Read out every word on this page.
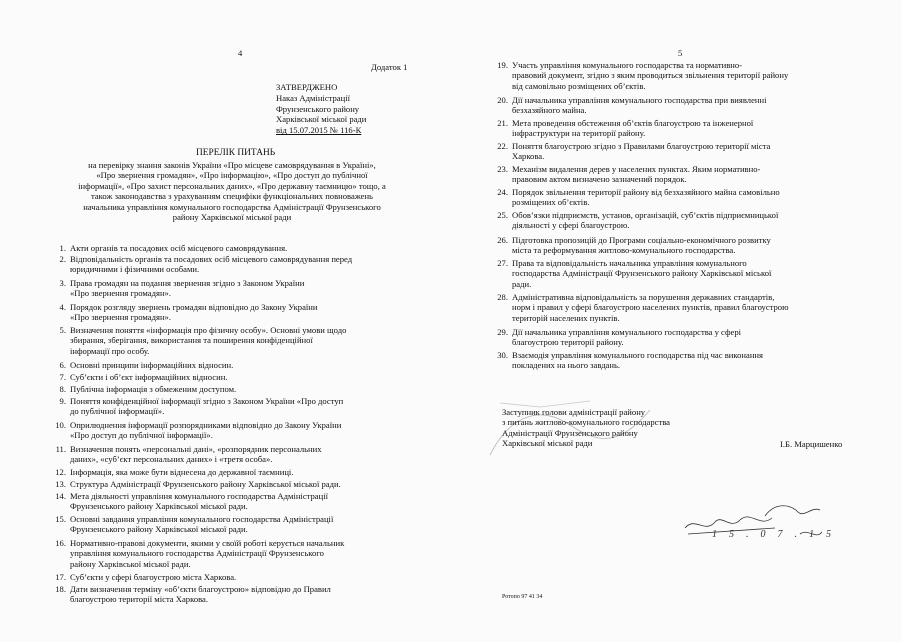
4
Додаток 1
ЗАТВЕРДЖЕНО
Наказ Адміністрації
Фрунзенського району
Харківської міської ради
від 15.07.2015 № 116-К
ПЕРЕЛІК ПИТАНЬ
на перевірку знання законів України «Про місцеве самоврядування в Україні»,
«Про звернення громадян», «Про інформацію», «Про доступ до публічної
інформації», «Про захист персональних даних», «Про державну таємницю» тощо, а
також законодавства з урахуванням специфіки функціональних повноважень
начальника управління комунального господарства Адміністрації Фрунзенського
району Харківської міської ради
1. Акти органів та посадових осіб місцевого самоврядування.
2. Відповідальність органів та посадових осіб місцевого самоврядування перед
юридичними і фізичними особами.
3. Права громадян на подання звернення згідно з Законом України
«Про звернення громадян».
4. Порядок розгляду звернень громадян відповідно до Закону України
«Про звернення громадян».
5. Визначення поняття «інформація про фізичну особу». Основні умови щодо
збирання, зберігання, використання та поширення конфіденційної
інформації про особу.
6. Основні принципи інформаційних відносин.
7. Суб’єкти і об’єкт інформаційних відносин.
8. Публічна інформація з обмеженим доступом.
9. Поняття конфіденційної інформації згідно з Законом України «Про доступ
до публічної інформації».
10. Оприлюднення інформації розпорядниками відповідно до Закону України
«Про доступ до публічної інформації».
11. Визначення понять «персональні дані», «розпорядник персональних
даних», «суб’єкт персональних даних» і «третя особа».
12. Інформація, яка може бути віднесена до державної таємниці.
13. Структура Адміністрації Фрунзенського району Харківської міської ради.
14. Мета діяльності управління комунального господарства Адміністрації
Фрунзенського району Харківської міської ради.
15. Основні завдання управління комунального господарства Адміністрації
Фрунзенського району Харківської міської ради.
16. Нормативно-правові документи, якими у своїй роботі керується начальник
управління комунального господарства Адміністрації Фрунзенського
району Харківської міської ради.
17. Суб’єкти у сфері благоустрою міста Харкова.
18. Дати визначення терміну «об’єкти благоустрою» відповідно до Правил
благоустрою території міста Харкова.
5
19. Участь управління комунального господарства та нормативно-
правовий документ, згідно з яким проводиться звільнення території району
від самовільно розміщених об’єктів.
20. Дії начальника управління комунального господарства при виявленні
безхазяйного майна.
21. Мета проведення обстеження об’єктів благоустрою та інженерної
інфраструктури на території району.
22. Поняття благоустрою згідно з Правилами благоустрою території міста
Харкова.
23. Механізм видалення дерев у населених пунктах. Яким нормативно-
правовим актом визначено зазначений порядок.
24. Порядок звільнення території району від безхазяйного майна самовільно
розміщених об’єктів.
25. Обов’язки підприємств, установ, організацій, суб’єктів підприємницької
діяльності у сфері благоустрою.
26. Підготовка пропозицій до Програми соціально-економічного розвитку
міста та реформування житлово-комунального господарства.
27. Права та відповідальність начальника управління комунального
господарства Адміністрації Фрунзенського району Харківської міської
ради.
28. Адміністративна відповідальність за порушення державних стандартів,
норм і правил у сфері благоустрою населених пунктів, правил благоустрою
територій населених пунктів.
29. Дії начальника управління комунального господарства у сфері
благоустрою території району.
30. Взаємодія управління комунального господарства під час виконання
покладених на нього завдань.
Заступник голови адміністрації району
з питань житлово-комунального господарства
Адміністрації Фрунзенського району
Харківської міської ради	І.Б. Марцишенко
15.07.15
Ротопо 97 41 34
